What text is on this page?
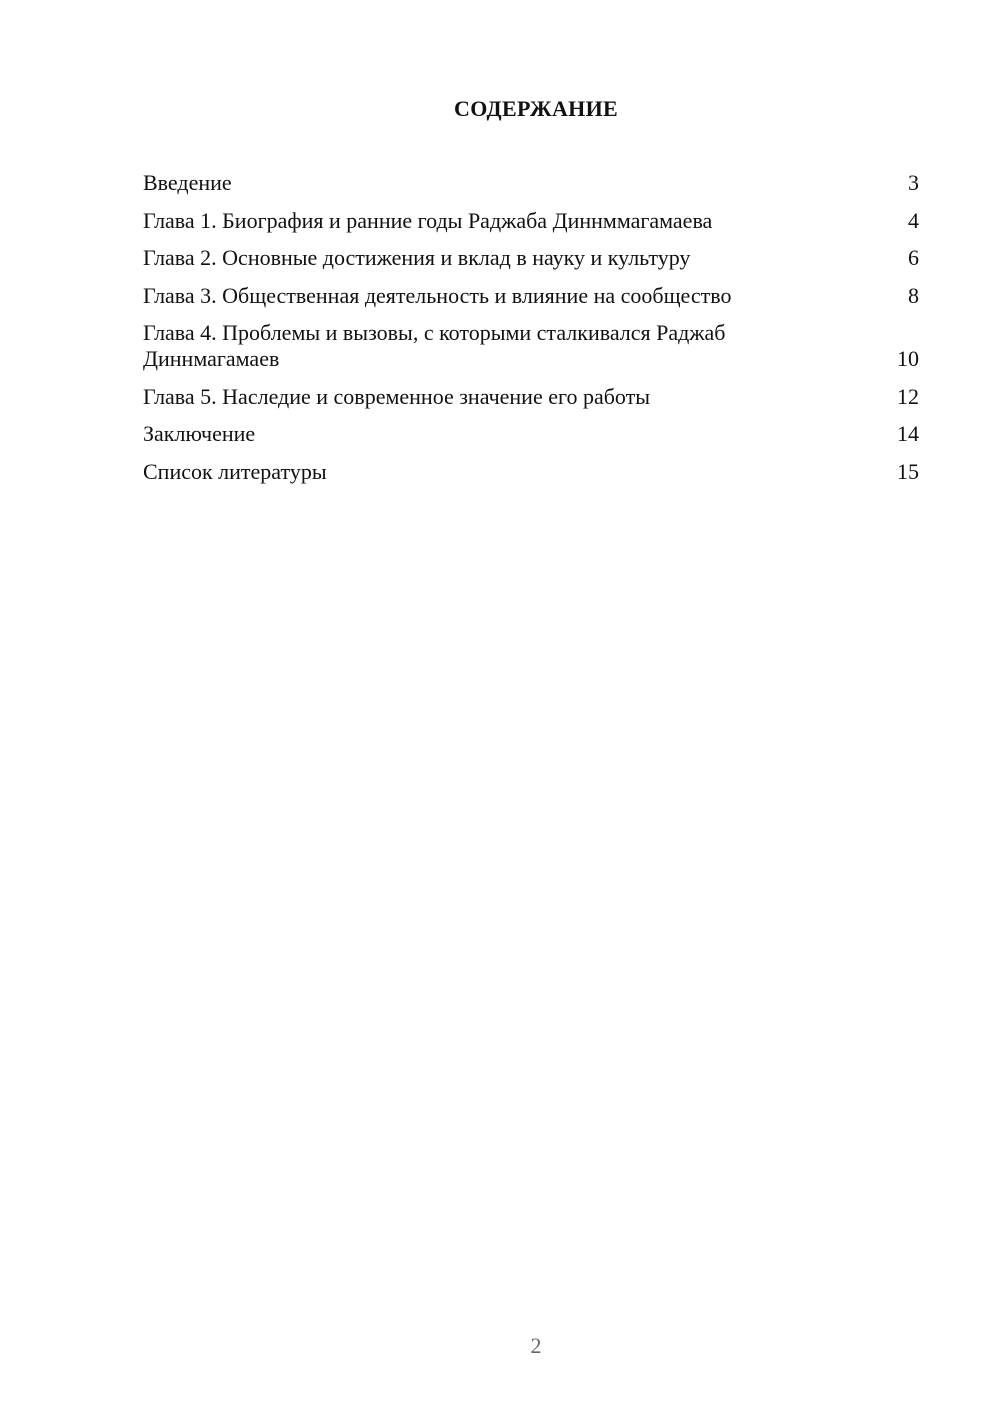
СОДЕРЖАНИЕ
Введение	3
Глава 1. Биография и ранние годы Раджаба Диннммагамаева	4
Глава 2. Основные достижения и вклад в науку и культуру	6
Глава 3. Общественная деятельность и влияние на сообщество	8
Глава 4. Проблемы и вызовы, с которыми сталкивался Раджаб Диннмагамаев	10
Глава 5. Наследие и современное значение его работы	12
Заключение	14
Список литературы	15
2
